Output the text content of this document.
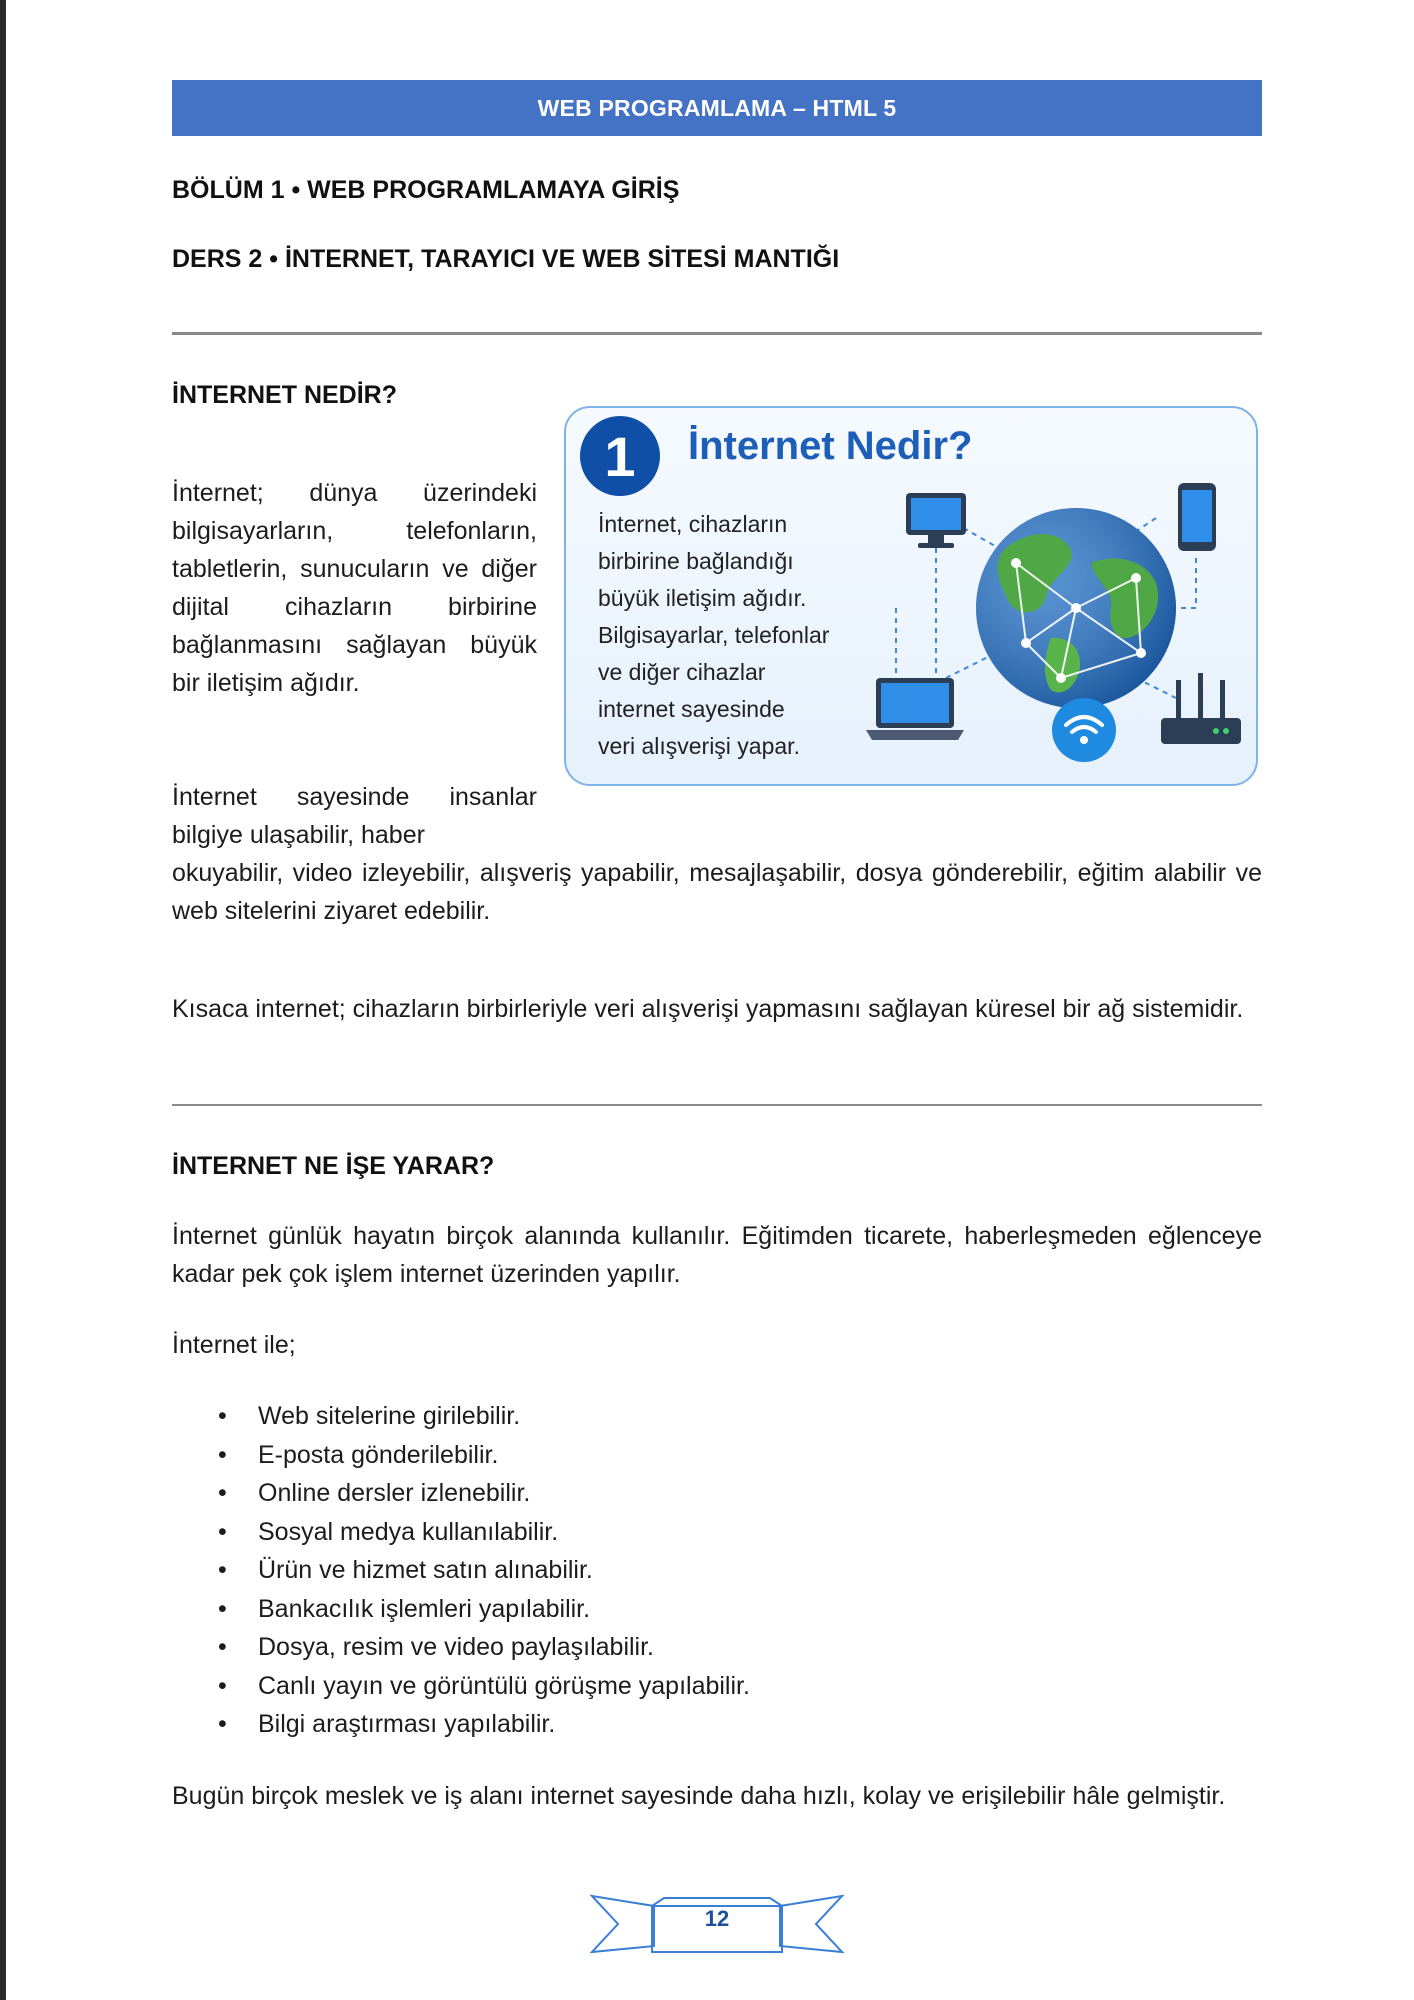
WEB PROGRAMLAMA – HTML 5
BÖLÜM 1 • WEB PROGRAMLAMAYA GİRİŞ
DERS 2 • İNTERNET, TARAYICI VE WEB SİTESİ MANTIĞI
İNTERNET NEDİR?

İnternet; dünya üzerindeki bilgisayarların, telefonların, tabletlerin, sunucuların ve diğer dijital cihazların birbirine bağlanmasını sağlayan büyük bir iletişim ağıdır.

İnternet sayesinde insanlar bilgiye ulaşabilir, haber

1	İnternet Nedir?
İnternet, cihazların
birbirine bağlandığı
büyük iletişim ağıdır.
Bilgisayarlar, telefonlar
ve diğer cihazlar
internet sayesinde
veri alışverişi yapar.

okuyabilir, video izleyebilir, alışveriş yapabilir, mesajlaşabilir, dosya gönderebilir, eğitim alabilir ve web sitelerini ziyaret edebilir.

Kısaca internet; cihazların birbirleriyle veri alışverişi yapmasını sağlayan küresel bir ağ sistemidir.

İNTERNET NE İŞE YARAR?

İnternet günlük hayatın birçok alanında kullanılır. Eğitimden ticarete, haberleşmeden eğlenceye kadar pek çok işlem internet üzerinden yapılır.

İnternet ile;

• Web sitelerine girilebilir.
• E-posta gönderilebilir.
• Online dersler izlenebilir.
• Sosyal medya kullanılabilir.
• Ürün ve hizmet satın alınabilir.
• Bankacılık işlemleri yapılabilir.
• Dosya, resim ve video paylaşılabilir.
• Canlı yayın ve görüntülü görüşme yapılabilir.
• Bilgi araştırması yapılabilir.

Bugün birçok meslek ve iş alanı internet sayesinde daha hızlı, kolay ve erişilebilir hâle gelmiştir.

12
